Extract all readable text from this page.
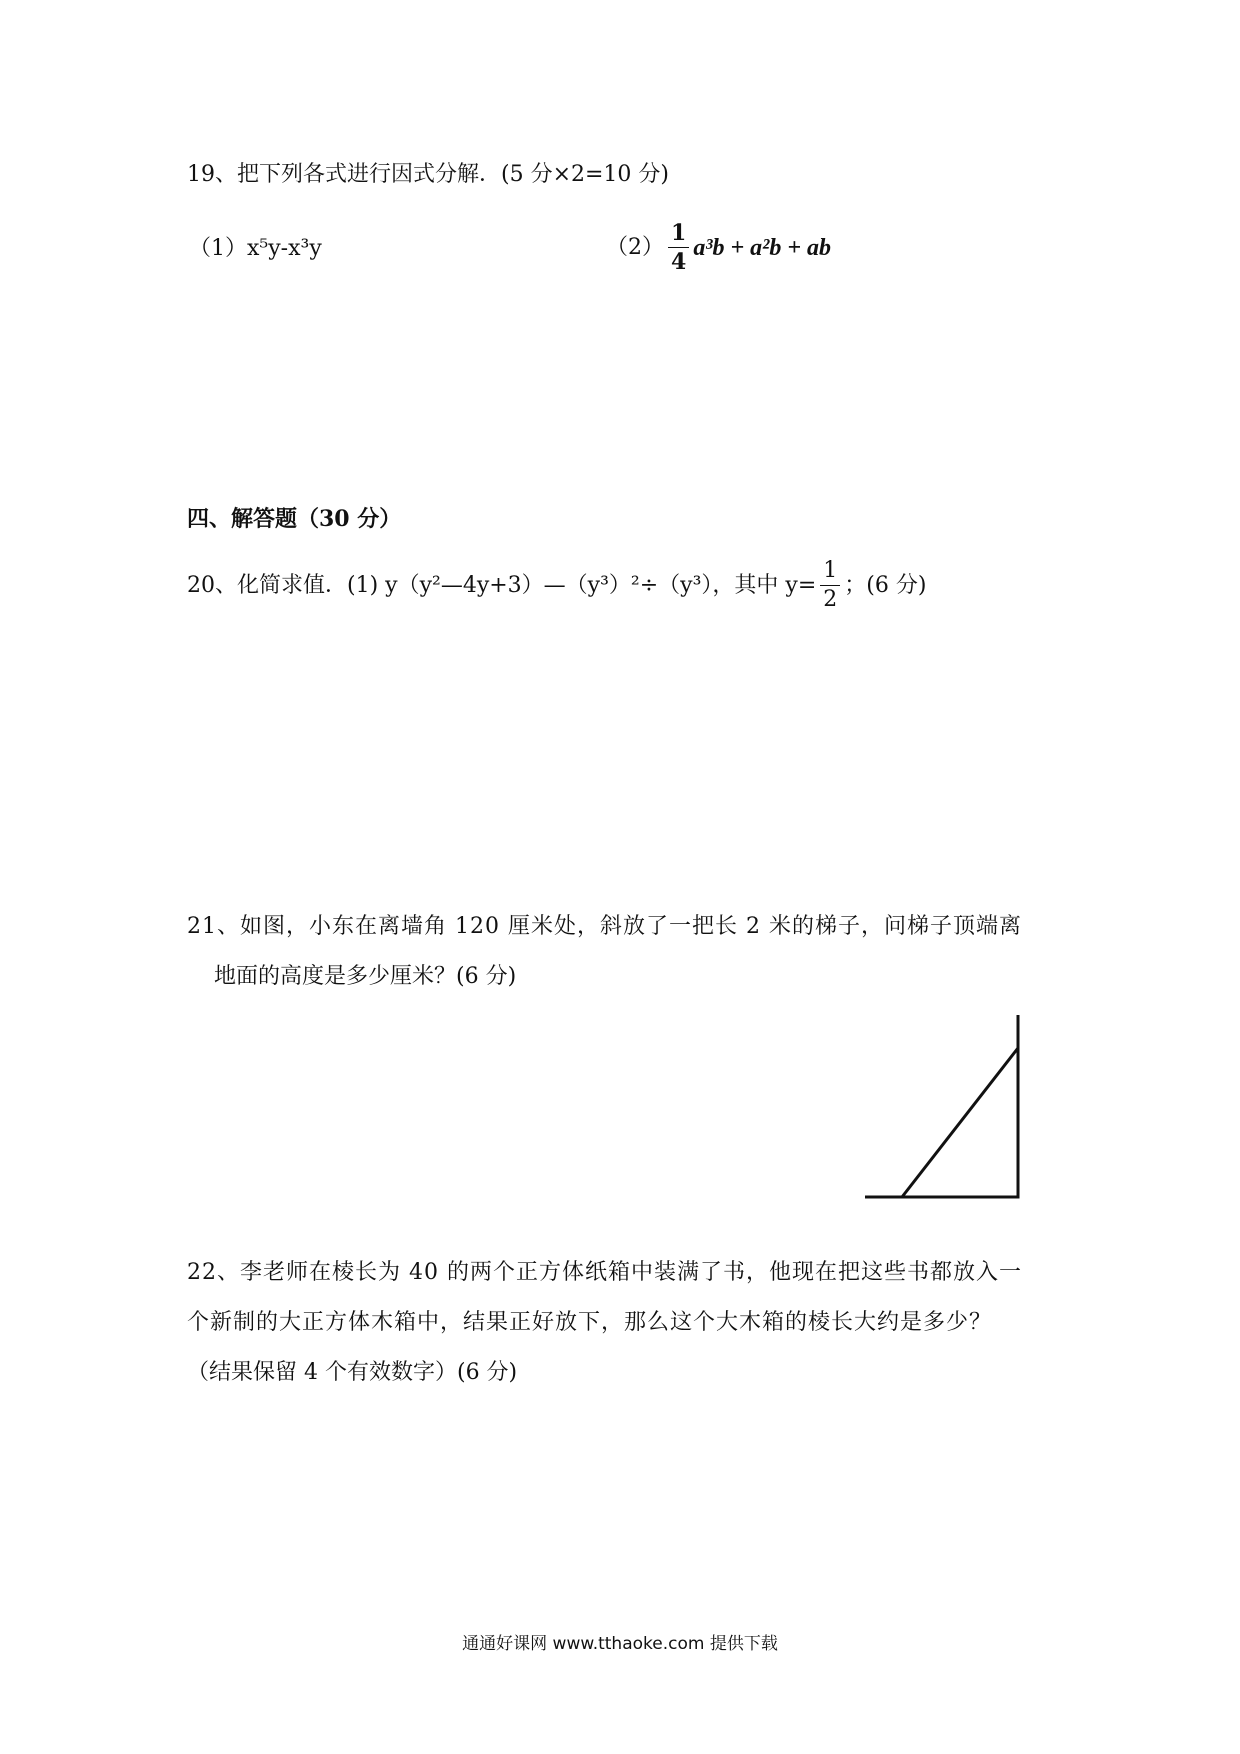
19、把下列各式进行因式分解．(5 分×2=10 分)
（1）x⁵y-x³y	$(2) \frac{1}{4} a^3b + a^2b$ + ab
四、解答题（30 分）
20、化简求值．(1) y（y²—4y+3）—（y³）²÷（y³），其中 $y= \frac{1}{2}$ ；(6 分)
21、如图，小东在离墙角 120 厘米处，斜放了一把长 2 米的梯子，问梯子顶端离
地面的高度是多少厘米？(6 分)
22、李老师在棱长为 40 的两个正方体纸箱中装满了书，他现在把这些书都放入一
个新制的大正方体木箱中，结果正好放下，那么这个大木箱的棱长大约是多少？
（结果保留 4 个有效数字）(6 分)
通通好课网 www.tthaoke.com 提供下载
